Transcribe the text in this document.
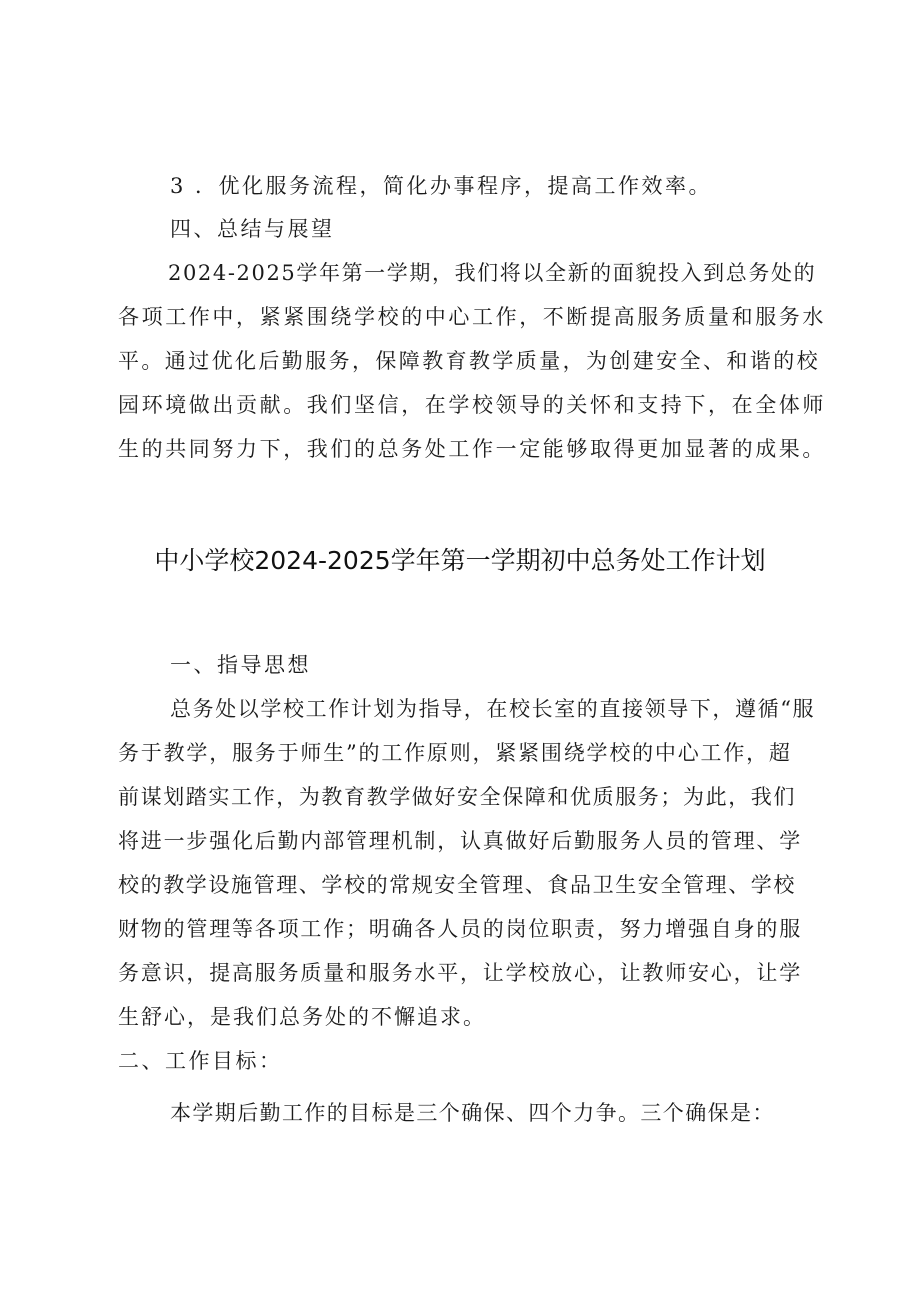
3 ．优化服务流程，简化办事程序，提高工作效率。
四、总结与展望
2024-2025学年第一学期，我们将以全新的面貌投入到总务处的
各项工作中，紧紧围绕学校的中心工作，不断提高服务质量和服务水
平。通过优化后勤服务，保障教育教学质量，为创建安全、和谐的校
园环境做出贡献。我们坚信，在学校领导的关怀和支持下，在全体师
生的共同努力下，我们的总务处工作一定能够取得更加显著的成果。
中小学校2024-2025学年第一学期初中总务处工作计划
一、指导思想
总务处以学校工作计划为指导，在校长室的直接领导下，遵循“服
务于教学，服务于师生”的工作原则，紧紧围绕学校的中心工作，超
前谋划踏实工作，为教育教学做好安全保障和优质服务；为此，我们
将进一步强化后勤内部管理机制，认真做好后勤服务人员的管理、学
校的教学设施管理、学校的常规安全管理、食品卫生安全管理、学校
财物的管理等各项工作；明确各人员的岗位职责，努力增强自身的服
务意识，提高服务质量和服务水平，让学校放心，让教师安心，让学
生舒心，是我们总务处的不懈追求。
二、工作目标：
本学期后勤工作的目标是三个确保、四个力争。三个确保是：
